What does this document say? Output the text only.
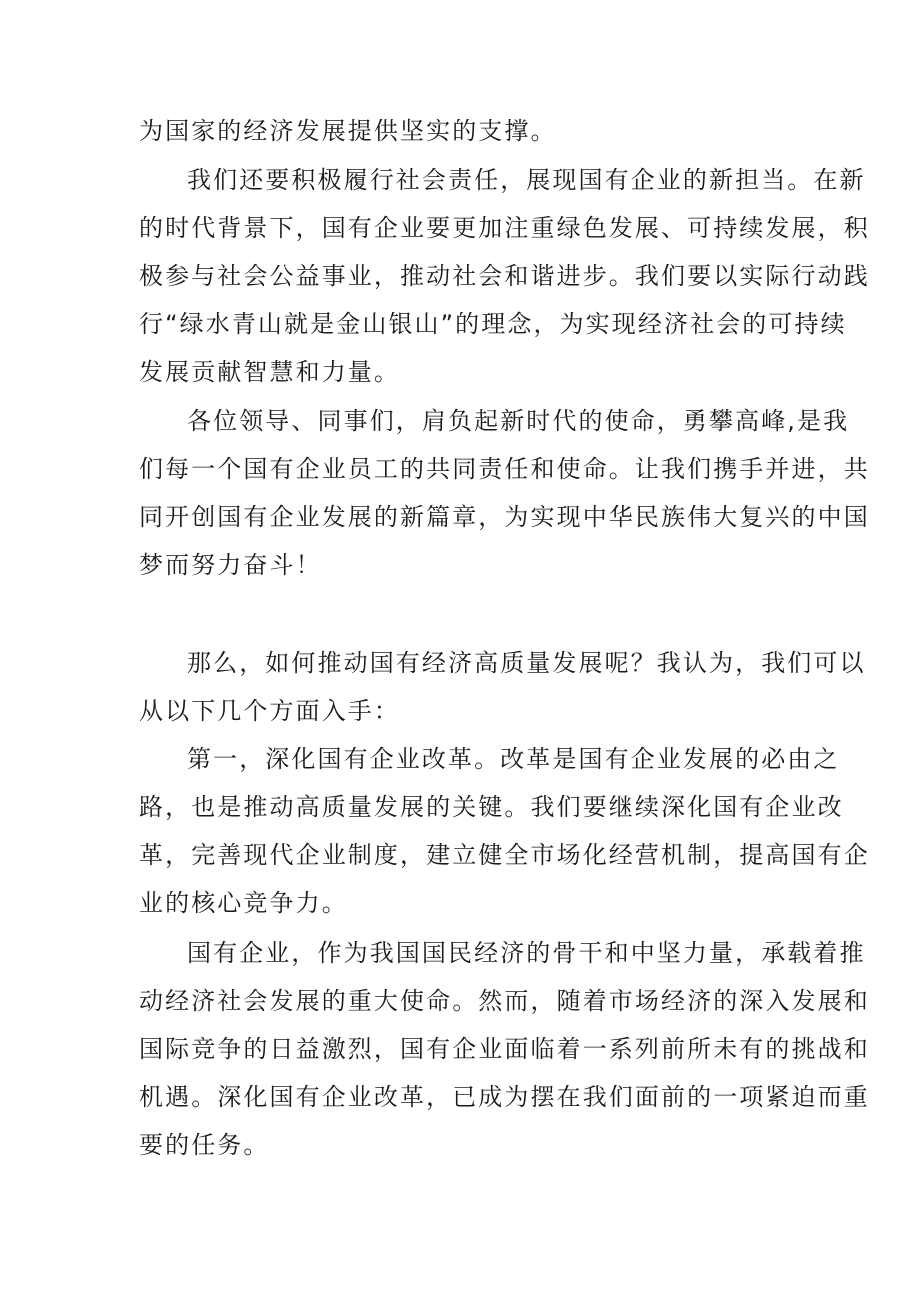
为国家的经济发展提供坚实的支撑。
我们还要积极履行社会责任，展现国有企业的新担当。在新
的时代背景下，国有企业要更加注重绿色发展、可持续发展，积
极参与社会公益事业，推动社会和谐进步。我们要以实际行动践
行“绿水青山就是金山银山”的理念，为实现经济社会的可持续
发展贡献智慧和力量。
各位领导、同事们，肩负起新时代的使命，勇攀高峰,是我
们每一个国有企业员工的共同责任和使命。让我们携手并进，共
同开创国有企业发展的新篇章，为实现中华民族伟大复兴的中国
梦而努力奋斗！
那么，如何推动国有经济高质量发展呢？我认为，我们可以
从以下几个方面入手：
第一，深化国有企业改革。改革是国有企业发展的必由之
路，也是推动高质量发展的关键。我们要继续深化国有企业改
革，完善现代企业制度，建立健全市场化经营机制，提高国有企
业的核心竞争力。
国有企业，作为我国国民经济的骨干和中坚力量，承载着推
动经济社会发展的重大使命。然而，随着市场经济的深入发展和
国际竞争的日益激烈，国有企业面临着一系列前所未有的挑战和
机遇。深化国有企业改革，已成为摆在我们面前的一项紧迫而重
要的任务。
